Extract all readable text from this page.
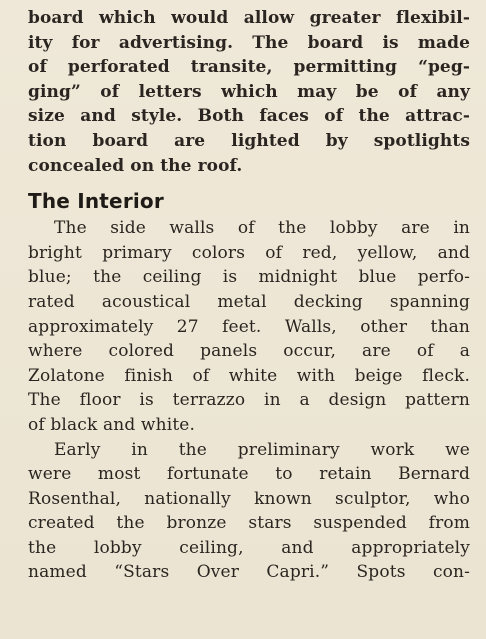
board which would allow greater flexibil-
ity for advertising. The board is made
of perforated transite, permitting “peg-
ging” of letters which may be of any
size and style. Both faces of the attrac-
tion board are lighted by spotlights
concealed on the roof.

The Interior

The side walls of the lobby are in
bright primary colors of red, yellow, and
blue; the ceiling is midnight blue perfo-
rated acoustical metal decking spanning
approximately 27 feet. Walls, other than
where colored panels occur, are of a
Zolatone finish of white with beige fleck.
The floor is terrazzo in a design pattern
of black and white.

Early in the preliminary work we
were most fortunate to retain Bernard
Rosenthal, nationally known sculptor, who
created the bronze stars suspended from
the lobby ceiling, and appropriately
named “Stars Over Capri.” Spots con-
